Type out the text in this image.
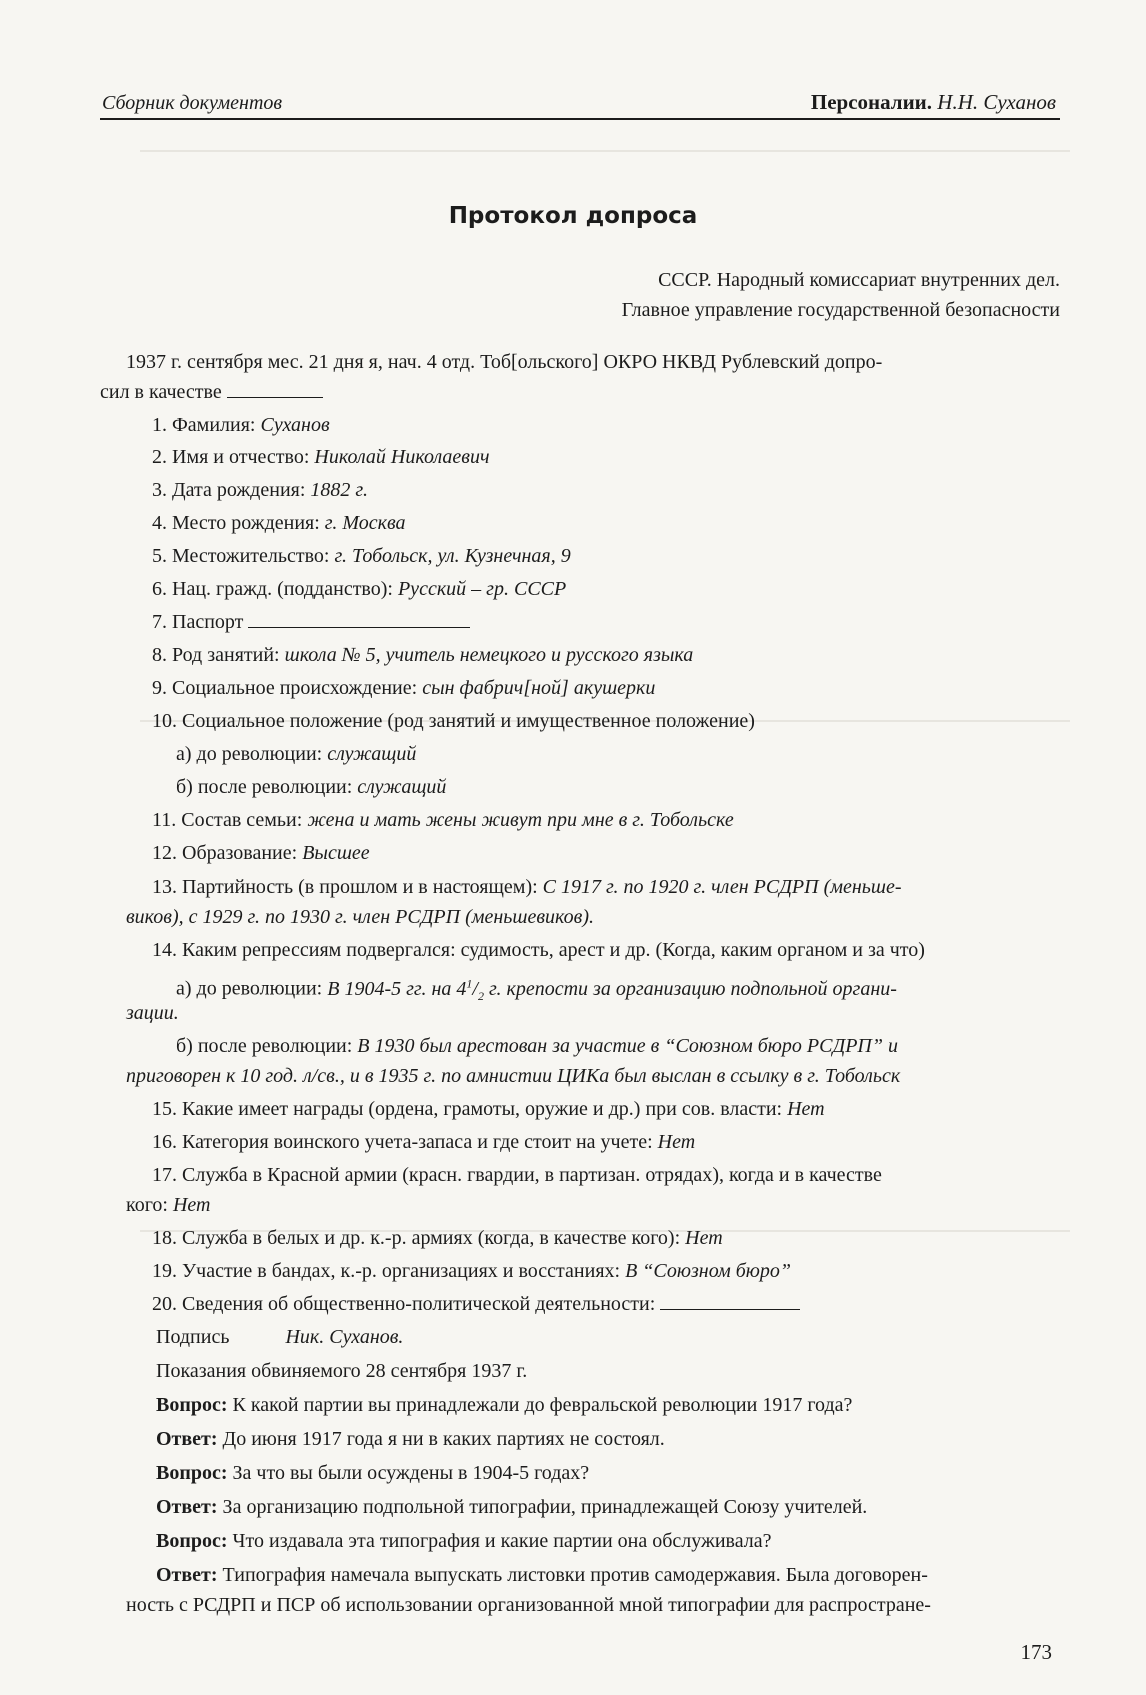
Сборник документов	Персоналии. Н.Н. Суханов
Протокол допроса
СССР. Народный комиссариат внутренних дел.
Главное управление государственной безопасности
1937 г. сентября мес. 21 дня я, нач. 4 отд. Тоб[ольского] ОКРО НКВД Рублевский допро-
сил в качестве
1. Фамилия: Суханов
2. Имя и отчество: Николай Николаевич
3. Дата рождения: 1882 г.
4. Место рождения: г. Москва
5. Местожительство: г. Тобольск, ул. Кузнечная, 9
6. Нац. гражд. (подданство): Русский – гр. СССР
7. Паспорт
8. Род занятий: школа № 5, учитель немецкого и русского языка
9. Социальное происхождение: сын фабрич[ной] акушерки
10. Социальное положение (род занятий и имущественное положение)
а) до революции: служащий
б) после революции: служащий
11. Состав семьи: жена и мать жены живут при мне в г. Тобольске
12. Образование: Высшее
13. Партийность (в прошлом и в настоящем): С 1917 г. по 1920 г. член РСДРП (меньше-
виков), с 1929 г. по 1930 г. член РСДРП (меньшевиков).
14. Каким репрессиям подвергался: судимость, арест и др. (Когда, каким органом и за что)
а) до революции: В 1904-5 гг. на $4^1/_2$ г. крепости за организацию подпольной органи-
зации.
б) после революции: В 1930 был арестован за участие в “Союзном бюро РСДРП” и
приговорен к 10 год. л/св., и в 1935 г. по амнистии ЦИКа был выслан в ссылку в г. Тобольск
15. Какие имеет награды (ордена, грамоты, оружие и др.) при сов. власти: Нет
16. Категория воинского учета-запаса и где стоит на учете: Нет
17. Служба в Красной армии (красн. гвардии, в партизан. отрядах), когда и в качестве
кого: Нет
18. Служба в белых и др. к.-р. армиях (когда, в качестве кого): Нет
19. Участие в бандах, к.-р. организациях и восстаниях: В “Союзном бюро”
20. Сведения об общественно-политической деятельности:
Подпись	Ник. Суханов.
Показания обвиняемого 28 сентября 1937 г.
Вопрос: К какой партии вы принадлежали до февральской революции 1917 года?
Ответ: До июня 1917 года я ни в каких партиях не состоял.
Вопрос: За что вы были осуждены в 1904-5 годах?
Ответ: За организацию подпольной типографии, принадлежащей Союзу учителей.
Вопрос: Что издавала эта типография и какие партии она обслуживала?
Ответ: Типография намечала выпускать листовки против самодержавия. Была договорен-
ность с РСДРП и ПСР об использовании организованной мной типографии для распростране-
173
